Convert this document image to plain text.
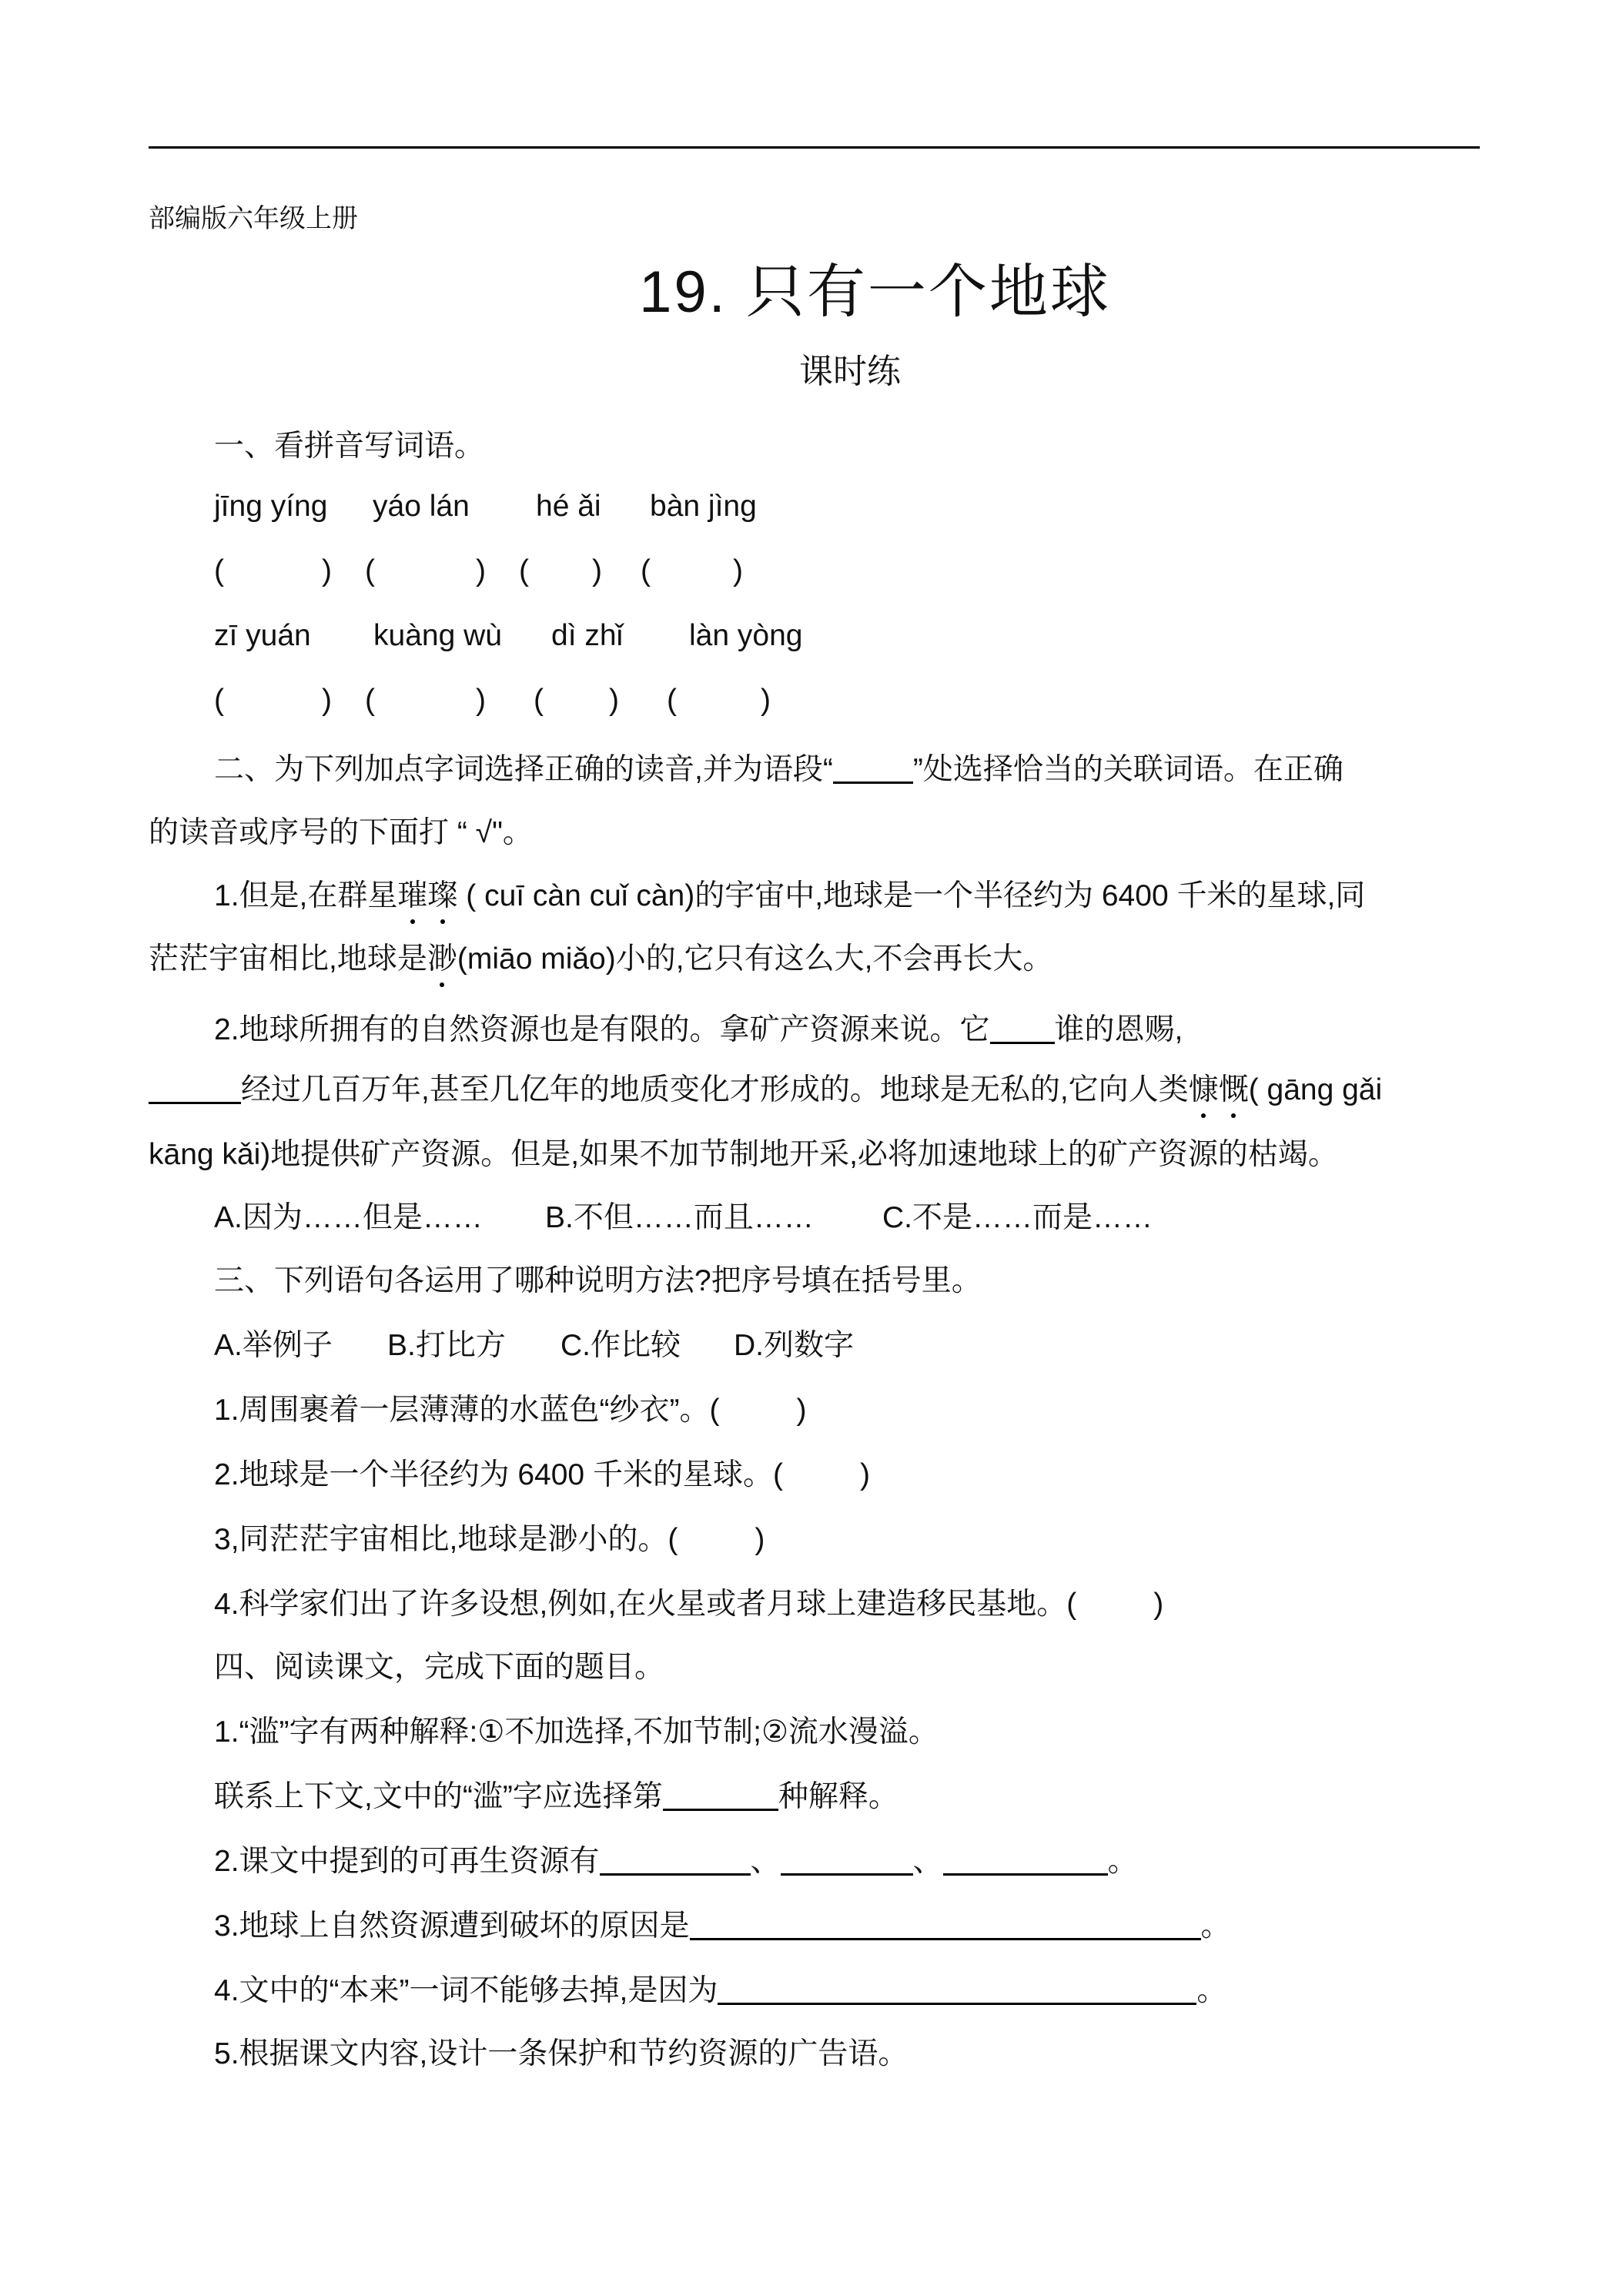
部编版六年级上册
19. 只有一个地球
课时练
一、看拼音写词语。
jīng yíng yáo lán hé ǎi bàn jìng
(	) (	) ( ) (	)
zī yuán kuàng wù dì zhǐ làn yòng
(	) (	) ( ) (	)
二、为下列加点字词选择正确的读音,并为语段“	”处选择恰当的关联词语。在正确
的读音或序号的下面打 “ √"。
1.但是,在群星璀璨 ( cuī càn cuǐ càn)的宇宙中,地球是一个半径约为 6400 千米的星球,同
茫茫宇宙相比,地球是渺(miāo miǎo)小的,它只有这么大,不会再长大。
2.地球所拥有的自然资源也是有限的。拿矿产资源来说。它 谁的恩赐,
经过几百万年,甚至几亿年的地质变化才形成的。地球是无私的,它向人类慷慨( gāng gǎi
kāng kǎi)地提供矿产资源。但是,如果不加节制地开采,必将加速地球上的矿产资源的枯竭。
A.因为……但是…… B.不但……而且…… C.不是……而是……
三、下列语句各运用了哪种说明方法?把序号填在括号里。
A.举例子 B.打比方 C.作比较 D.列数字
1.周围裹着一层薄薄的水蓝色“纱衣”。(	)
2.地球是一个半径约为 6400 千米的星球。(	)
3,同茫茫宇宙相比,地球是渺小的。(	)
4.科学家们出了许多设想,例如,在火星或者月球上建造移民基地。(	)
四、阅读课文，完成下面的题目。
1.“滥”字有两种解释:①不加选择,不加节制;②流水漫溢。
联系上下文,文中的“滥”字应选择第	种解释。
2.课文中提到的可再生资源有	、	、	。
3.地球上自然资源遭到破坏的原因是	。
4.文中的“本来”一词不能够去掉,是因为	。
5.根据课文内容,设计一条保护和节约资源的广告语。
